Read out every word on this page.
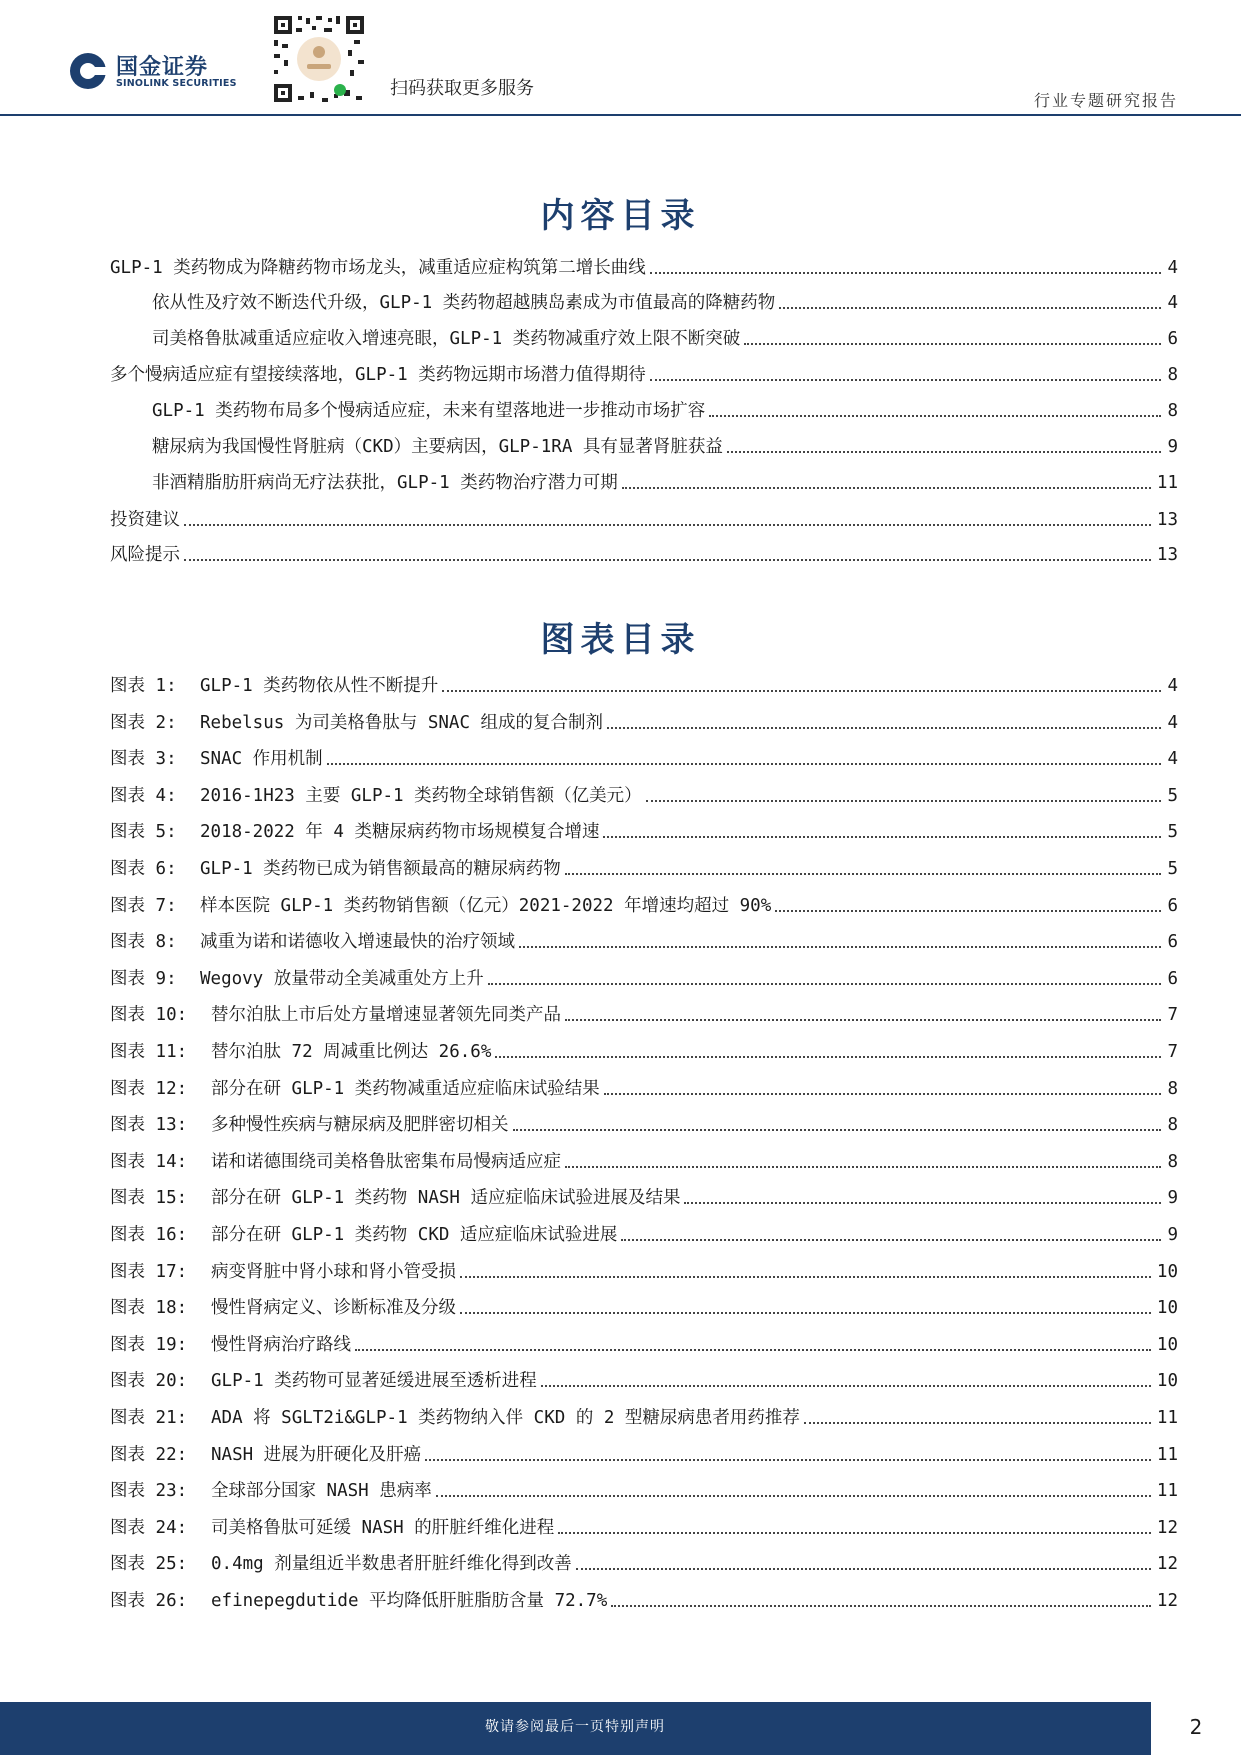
国金证券
SINOLINK SECURITIES	扫码获取更多服务
行业专题研究报告
内容目录
GLP-1 类药物成为降糖药物市场龙头，减重适应症构筑第二增长曲线	4
依从性及疗效不断迭代升级，GLP-1 类药物超越胰岛素成为市值最高的降糖药物	4
司美格鲁肽减重适应症收入增速亮眼，GLP-1 类药物减重疗效上限不断突破	6
多个慢病适应症有望接续落地，GLP-1 类药物远期市场潜力值得期待	8
GLP-1 类药物布局多个慢病适应症，未来有望落地进一步推动市场扩容	8
糖尿病为我国慢性肾脏病（CKD）主要病因，GLP-1RA 具有显著肾脏获益	9
非酒精脂肪肝病尚无疗法获批，GLP-1 类药物治疗潜力可期	11
投资建议	13
风险提示	13
图表目录
图表 1:	GLP-1 类药物依从性不断提升	4
图表 2:	Rebelsus 为司美格鲁肽与 SNAC 组成的复合制剂	4
图表 3:	SNAC 作用机制	4
图表 4:	2016-1H23 主要 GLP-1 类药物全球销售额（亿美元）	5
图表 5:	2018-2022 年 4 类糖尿病药物市场规模复合增速	5
图表 6:	GLP-1 类药物已成为销售额最高的糖尿病药物	5
图表 7:	样本医院 GLP-1 类药物销售额（亿元）2021-2022 年增速均超过 90%	6
图表 8:	减重为诺和诺德收入增速最快的治疗领域	6
图表 9:	Wegovy 放量带动全美减重处方上升	6
图表 10:	替尔泊肽上市后处方量增速显著领先同类产品	7
图表 11:	替尔泊肽 72 周减重比例达 26.6%	7
图表 12:	部分在研 GLP-1 类药物减重适应症临床试验结果	8
图表 13:	多种慢性疾病与糖尿病及肥胖密切相关	8
图表 14:	诺和诺德围绕司美格鲁肽密集布局慢病适应症	8
图表 15:	部分在研 GLP-1 类药物 NASH 适应症临床试验进展及结果	9
图表 16:	部分在研 GLP-1 类药物 CKD 适应症临床试验进展	9
图表 17:	病变肾脏中肾小球和肾小管受损	10
图表 18:	慢性肾病定义、诊断标准及分级	10
图表 19:	慢性肾病治疗路线	10
图表 20:	GLP-1 类药物可显著延缓进展至透析进程	10
图表 21:	ADA 将 SGLT2i&GLP-1 类药物纳入伴 CKD 的 2 型糖尿病患者用药推荐	11
图表 22:	NASH 进展为肝硬化及肝癌	11
图表 23:	全球部分国家 NASH 患病率	11
图表 24:	司美格鲁肽可延缓 NASH 的肝脏纤维化进程	12
图表 25:	0.4mg 剂量组近半数患者肝脏纤维化得到改善	12
图表 26:	efinepegdutide 平均降低肝脏脂肪含量 72.7%	12
敬请参阅最后一页特别声明	2
